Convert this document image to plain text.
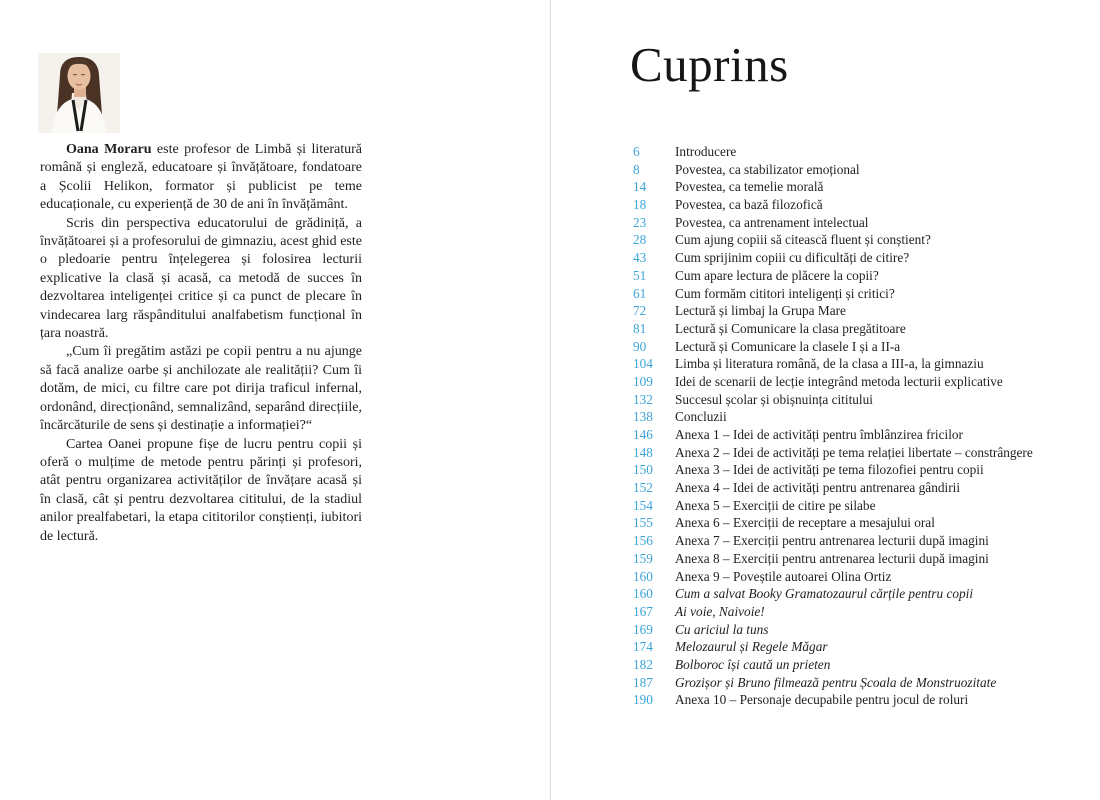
Oana Moraru este profesor de Limbă și literatură română și engleză, educatoare și învățătoare, fondatoare a Școlii Helikon, formator și publicist pe teme educaționale, cu experiență de 30 de ani în învățământ.

Scris din perspectiva educatorului de grădiniță, a învățătoarei și a profesorului de gimnaziu, acest ghid este o pledoarie pentru înțelegerea și folosirea lecturii explicative la clasă și acasă, ca metodă de succes în dezvoltarea inteligenței critice și ca punct de plecare în vindecarea larg răspânditului analfabetism funcțional în țara noastră.

„Cum îi pregătim astăzi pe copii pentru a nu ajunge să facă analize oarbe și anchilozate ale realității? Cum îi dotăm, de mici, cu filtre care pot dirija traficul infernal, ordonând, direcționând, semnalizând, separând direcțiile, încărcăturile de sens și destinație a informației?“

Cartea Oanei propune fișe de lucru pentru copii și oferă o mulțime de metode pentru părinți și profesori, atât pentru organizarea activităților de învățare acasă și în clasă, cât și pentru dezvoltarea cititului, de la stadiul anilor prealfabetari, la etapa cititorilor conștienți, iubitori de lectură.

Cuprins
6	Introducere
8	Povestea, ca stabilizator emoțional
14	Povestea, ca temelie morală
18	Povestea, ca bază filozofică
23	Povestea, ca antrenament intelectual
28	Cum ajung copiii să citească fluent și conștient?
43	Cum sprijinim copiii cu dificultăți de citire?
51	Cum apare lectura de plăcere la copii?
61	Cum formăm cititori inteligenți și critici?
72	Lectură și limbaj la Grupa Mare
81	Lectură și Comunicare la clasa pregătitoare
90	Lectură și Comunicare la clasele I și a II-a
104	Limba și literatura română, de la clasa a III-a, la gimnaziu
109	Idei de scenarii de lecție integrând metoda lecturii explicative
132	Succesul școlar și obișnuința cititului
138	Concluzii
146	Anexa 1 – Idei de activități pentru îmblânzirea fricilor
148	Anexa 2 – Idei de activități pe tema relației libertate – constrângere
150	Anexa 3 – Idei de activități pe tema filozofiei pentru copii
152	Anexa 4 – Idei de activități pentru antrenarea gândirii
154	Anexa 5 – Exerciții de citire pe silabe
155	Anexa 6 – Exerciții de receptare a mesajului oral
156	Anexa 7 – Exerciții pentru antrenarea lecturii după imagini
159	Anexa 8 – Exerciții pentru antrenarea lecturii după imagini
160	Anexa 9 – Poveștile autoarei Olina Ortiz
160	Cum a salvat Booky Gramatozaurul cărțile pentru copii
167	Ai voie, Naivoie!
169	Cu ariciul la tuns
174	Melozaurul și Regele Măgar
182	Bolboroc își caută un prieten
187	Grozișor și Bruno filmează pentru Școala de Monstruozitate
190	Anexa 10 – Personaje decupabile pentru jocul de roluri
